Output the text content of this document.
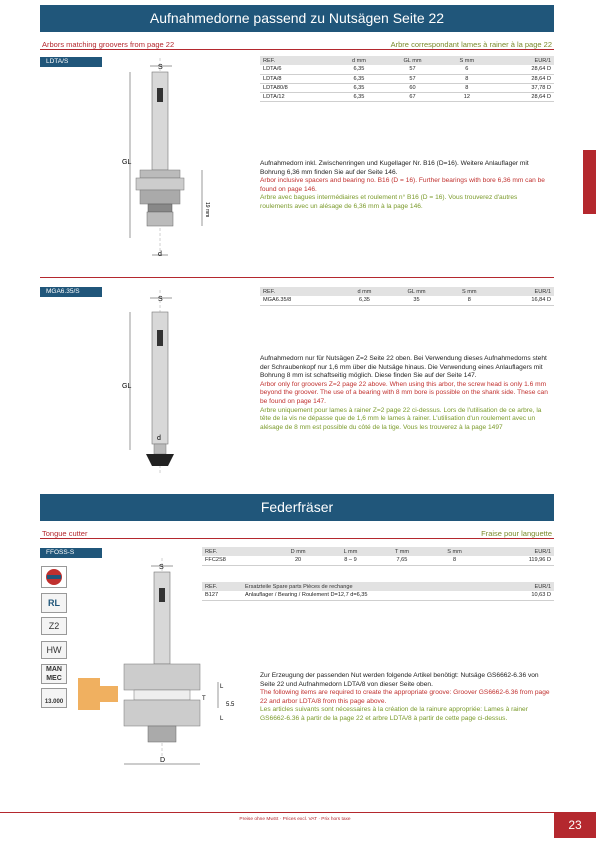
Aufnahmedorne passend zu Nutsägen Seite 22
Arbors matching groovers from page 22	Arbre correspondant lames à rainer à la page 22
LDTA/S	REF.	d mm	GL mm	S mm	EUR/1
LDTA/6	6,35	57	6	28,64 D
LDTA/8	6,35	57	8	28,64 D
LDTA80/8	6,35	60	8	37,78 D
LDTA/12	6,35	67	12	28,64 D
S
GL
19 mm
d
Aufnahmedorn inkl. Zwischenringen und Kugellager Nr. B16 (D=16). Weitere Anlauflager mit Bohrung 6,36 mm finden Sie auf der Seite 146.
Arbor inclusive spacers and bearing no. B16 (D = 16). Further bearings with bore 6,36 mm can be found on page 146.
Arbre avec bagues intermédiaires et roulement n° B16 (D = 16). Vous trouverez d'autres roulements avec un alésage de 6,36 mm à la page 146.
MGA6.35/S	REF.	d mm	GL mm	S mm	EUR/1
MGA6.35/8	6,35	35	8	16,84 D
S
GL
d
Aufnahmedorn nur für Nutsägen Z=2 Seite 22 oben. Bei Verwendung dieses Aufnahmedorns steht der Schraubenkopf nur 1,6 mm über die Nutsäge hinaus. Die Verwendung eines Anlauflagers mit Bohrung 8 mm ist schaftseitig möglich. Diese finden Sie auf der Seite 147.
Arbor only for groovers Z=2 page 22 above. When using this arbor, the screw head is only 1.6 mm beyond the groover. The use of a bearing with 8 mm bore is possible on the shank side. These can be found on page 147.
Arbre uniquement pour lames à rainer Z=2 page 22 ci-dessus. Lors de l'utilisation de ce arbre, la tête de la vis ne dépasse que de 1,6 mm le lames à rainer. L'utilisation d'un roulement avec un alésage de 8 mm est possible du côté de la tige. Vous les trouverez à la page 1497
Federfräser
Tongue cutter	Fraise pour languette
FFOSS-S
RL
Z2
HW
MAN MEC
13.000
REF.	D mm	L mm	T mm	S mm	EUR/1
FFC2S8	20	8 – 9	7,65	8	119,96 D
REF.	Ersatzteile Spare parts Pièces de rechange	EUR/1
B127	Anlauflager / Bearing / Roulement D=12,7 d=6,35	10,63 D
S
L
T
5.5
L
D
Zur Erzeugung der passenden Nut werden folgende Artikel benötigt: Nutsäge GS6662-6.36 von Seite 22 und Aufnahmedorn LDTA/8 von dieser Seite oben.
The following items are required to create the appropriate groove: Groover GS6662-6.36 from page 22 and arbor LDTA/8 from this page above.
Les articles suivants sont nécessaires à la création de la rainure appropriée: Lames à rainer GS6662-6.36 à partir de la page 22 et arbre LDTA/8 à partir de cette page ci-dessus.
Preise ohne MwSt · Prices excl. VAT · Prix hors taxe	23
